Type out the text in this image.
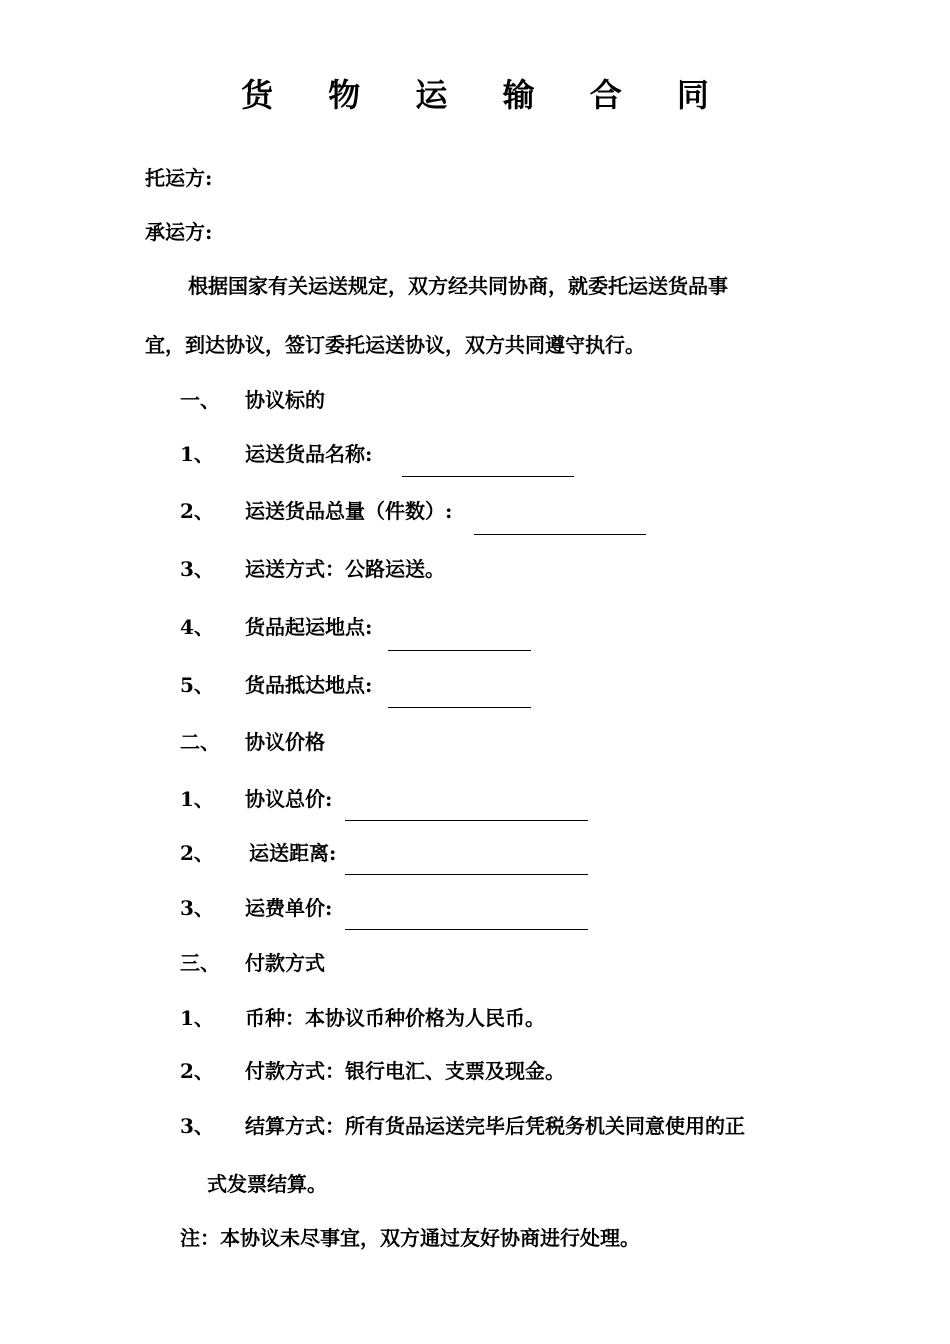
货 物 运 输 合 同
托运方:
承运方:
根据国家有关运送规定，双方经共同协商，就委托运送货品事
宜，到达协议，签订委托运送协议，双方共同遵守执行。
一、 协议标的
1、 运送货品名称:
2、 运送货品总量（件数）:
3、 运送方式：公路运送。
4、 货品起运地点:
5、 货品抵达地点:
二、 协议价格
1、 协议总价:
2、 运送距离:
3、 运费单价:
三、 付款方式
1、 币种：本协议币种价格为人民币。
2、 付款方式：银行电汇、支票及现金。
3、 结算方式：所有货品运送完毕后凭税务机关同意使用的正
式发票结算。
注：本协议未尽事宜，双方通过友好协商进行处理。
